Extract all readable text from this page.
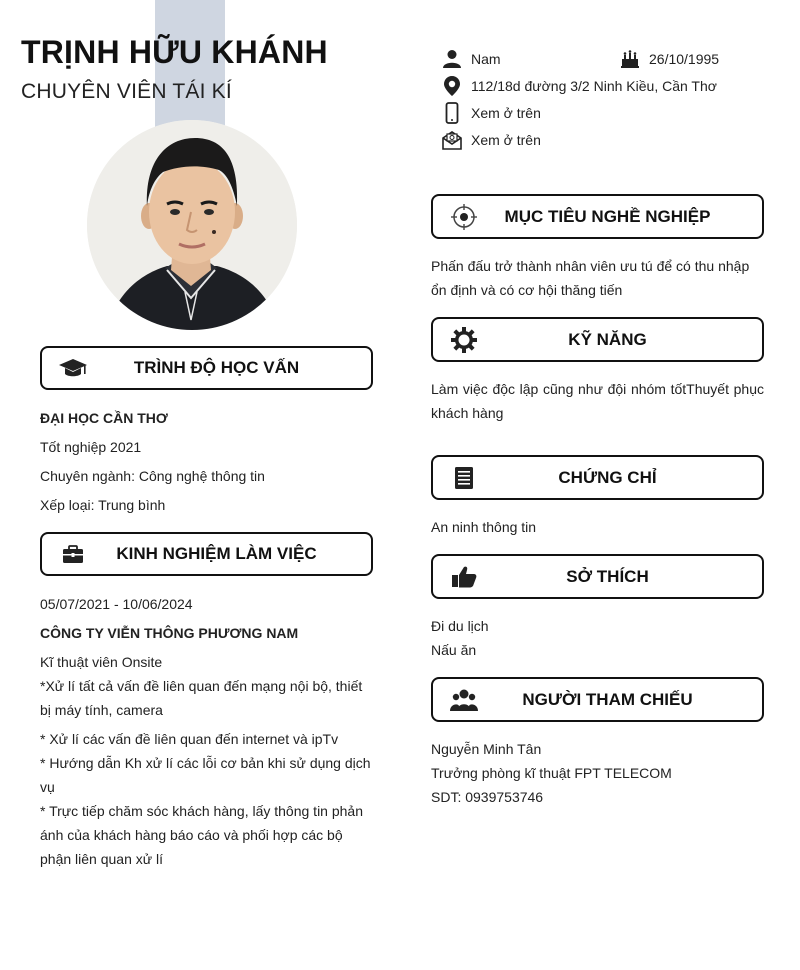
TRỊNH HỮU KHÁNH
CHUYÊN VIÊN TÁI KÍ
Nam	26/10/1995
112/18d đường 3/2 Ninh Kiều, Cần Thơ
Xem ở trên
Xem ở trên
TRÌNH ĐỘ HỌC VẤN
ĐẠI HỌC CẦN THƠ
Tốt nghiệp 2021
Chuyên ngành: Công nghệ thông tin
Xếp loại: Trung bình
KINH NGHIỆM LÀM VIỆC
05/07/2021 - 10/06/2024
CÔNG TY VIỄN THÔNG PHƯƠNG NAM
Kĩ thuật viên Onsite
*Xử lí tất cả vấn đề liên quan đến mạng nội bộ, thiết bị máy tính, camera
* Xử lí các vấn đề liên quan đến internet và ipTv
* Hướng dẫn Kh xử lí các lỗi cơ bản khi sử dụng dịch vụ
* Trực tiếp chăm sóc khách hàng, lấy thông tin phản ánh của khách hàng báo cáo và phối hợp các bộ phận liên quan xử lí
MỤC TIÊU NGHỀ NGHIỆP
Phấn đấu trở thành nhân viên ưu tú để có thu nhập ổn định và có cơ hội thăng tiến
KỸ NĂNG
Làm việc độc lập cũng như đội nhóm tốtThuyết phục khách hàng
CHỨNG CHỈ
An ninh thông tin
SỞ THÍCH
Đi du lịch
Nấu ăn
NGƯỜI THAM CHIẾU
Nguyễn Minh Tân
Trưởng phòng kĩ thuật FPT TELECOM
SDT: 0939753746
